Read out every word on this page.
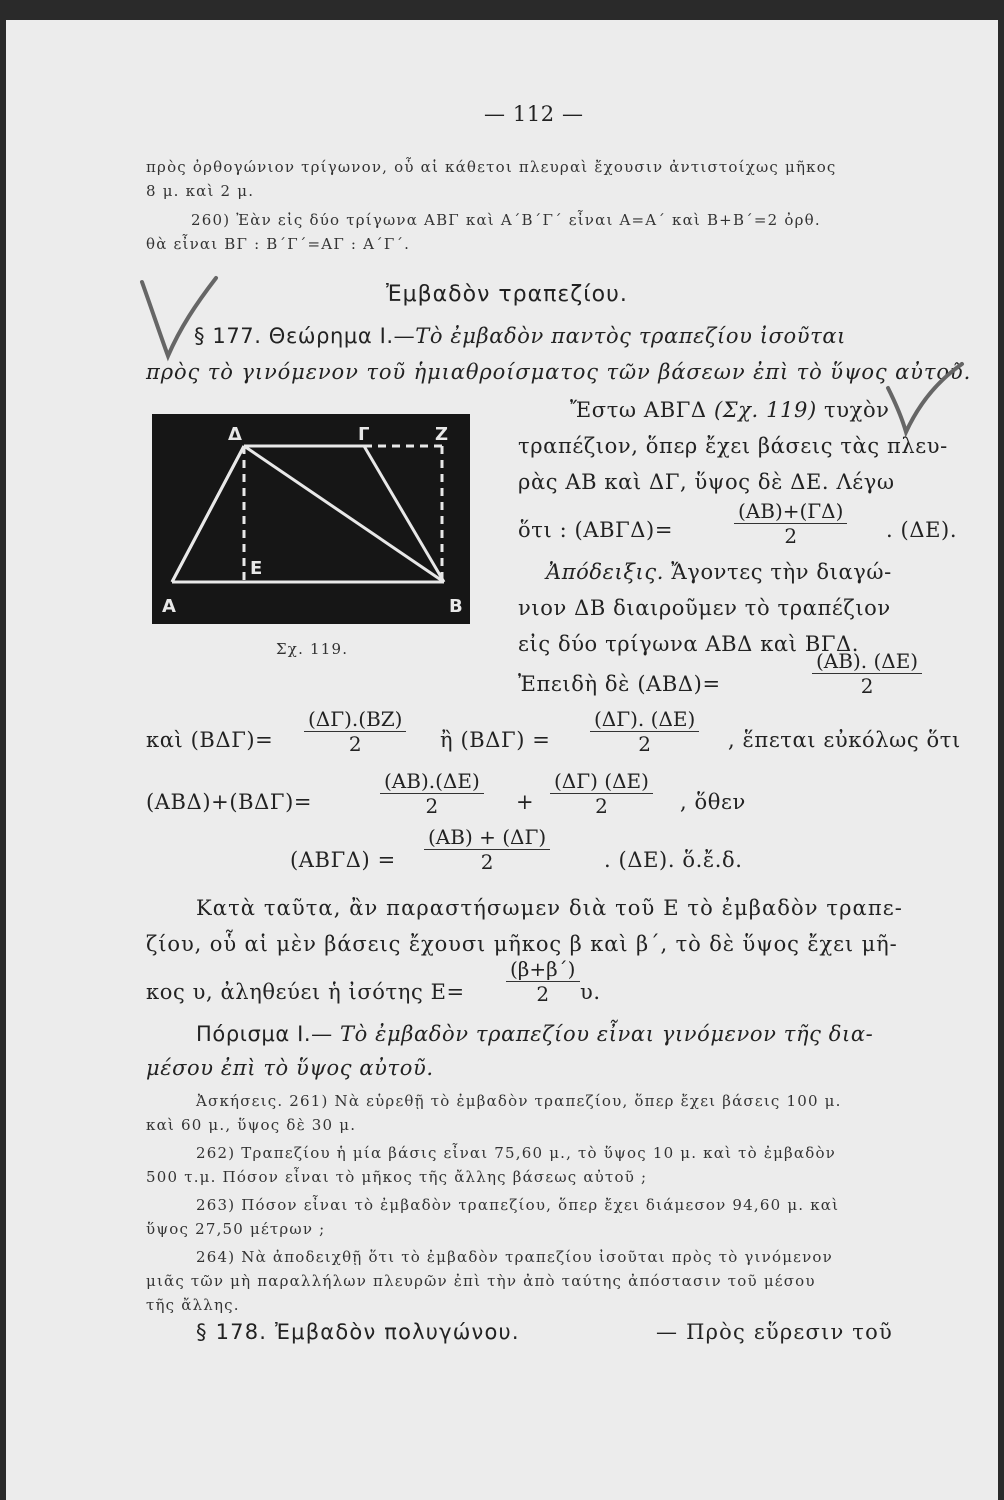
— 112 —
πρὸς ὀρθογώνιον τρίγωνον, οὗ αἱ κάθετοι πλευραὶ ἔχουσιν ἀντιστοίχως μῆκος
8 μ. καὶ 2 μ.
260) Ἐὰν εἰς δύο τρίγωνα ΑΒΓ καὶ Α΄Β΄Γ΄ εἶναι Α=Α΄ καὶ Β+Β΄=2 ὀρθ.
θὰ εἶναι ΒΓ : Β΄Γ΄=ΑΓ : Α΄Γ΄.
Ἐμβαδὸν τραπεζίου.
§ 177. Θεώρημα Ι.—Τὸ ἐμβαδὸν παντὸς τραπεζίου ἰσοῦται
πρὸς τὸ γινόμενον τοῦ ἡμιαθροίσματος τῶν βάσεων ἐπὶ τὸ ὕψος αὐτοῦ.
Δ	Γ	Z
A	B
E
Σχ. 119.
Ἔστω ΑΒΓΔ (Σχ. 119) τυχὸν
τραπέζιον, ὅπερ ἔχει βάσεις τὰς πλευ-
ρὰς ΑΒ καὶ ΔΓ, ὕψος δὲ ΔΕ. Λέγω
ὅτι : (ΑΒΓΔ)=	$\frac{(AB)+(\Gamma\Delta)}{2}$ . (ΔΕ).
Ἀπόδειξις. Ἄγοντες τὴν διαγώ-
νιον ΔΒ διαιροῦμεν τὸ τραπέζιον
εἰς δύο τρίγωνα ΑΒΔ καὶ ΒΓΔ.
Ἐπειδὴ δὲ (ΑΒΔ)=	$\frac{(AB). (\Delta E)}{2}$
καὶ $(B\Delta\Gamma)= \frac{(\Delta\Gamma).(BZ)}{2}$ ἢ $(B\Delta\Gamma) = \frac{(\Delta\Gamma). (\Delta E)}{2}$ , ἕπεται εὐκόλως ὅτι
(ΑΒΔ)+(ΒΔΓ)=	$\frac{(AB).(\Delta E)}{2} + \frac{(\Delta\Gamma) (\Delta E)}{2}$ , ὅθεν
$(AB\Gamma\Delta) = \frac{(AB) + (\Delta\Gamma)}{2}$	. (ΔΕ). ὅ.ἔ.δ.
Κατὰ ταῦτα, ἂν παραστήσωμεν διὰ τοῦ Ε τὸ ἐμβαδὸν τραπε-
ζίου, οὗ αἱ μὲν βάσεις ἔχουσι μῆκος β καὶ β΄, τὸ δὲ ὕψος ἔχει μῆ-
κος υ, ἀληθεύει ἡ ἰσότης $E= \frac{(\beta+\beta΄)}{2} \upsilon$.
Πόρισμα Ι.— Τὸ ἐμβαδὸν τραπεζίου εἶναι γινόμενον τῆς δια-
μέσου ἐπὶ τὸ ὕψος αὐτοῦ.
Ἀσκήσεις. 261) Νὰ εὑρεθῇ τὸ ἐμβαδὸν τραπεζίου, ὅπερ ἔχει βάσεις 100 μ.
καὶ 60 μ., ὕψος δὲ 30 μ.
262) Τραπεζίου ἡ μία βάσις εἶναι 75,60 μ., τὸ ὕψος 10 μ. καὶ τὸ ἐμβαδὸν
500 τ.μ. Πόσον εἶναι τὸ μῆκος τῆς ἄλλης βάσεως αὐτοῦ ;
263) Πόσον εἶναι τὸ ἐμβαδὸν τραπεζίου, ὅπερ ἔχει διάμεσον 94,60 μ. καὶ
ὕψος 27,50 μέτρων ;
264) Νὰ ἀποδειχθῇ ὅτι τὸ ἐμβαδὸν τραπεζίου ἰσοῦται πρὸς τὸ γινόμενον
μιᾶς τῶν μὴ παραλλήλων πλευρῶν ἐπὶ τὴν ἀπὸ ταύτης ἀπόστασιν τοῦ μέσου
τῆς ἄλλης.
§ 178. Ἐμβαδὸν πολυγώνου.	— Πρὸς εὕρεσιν τοῦ
